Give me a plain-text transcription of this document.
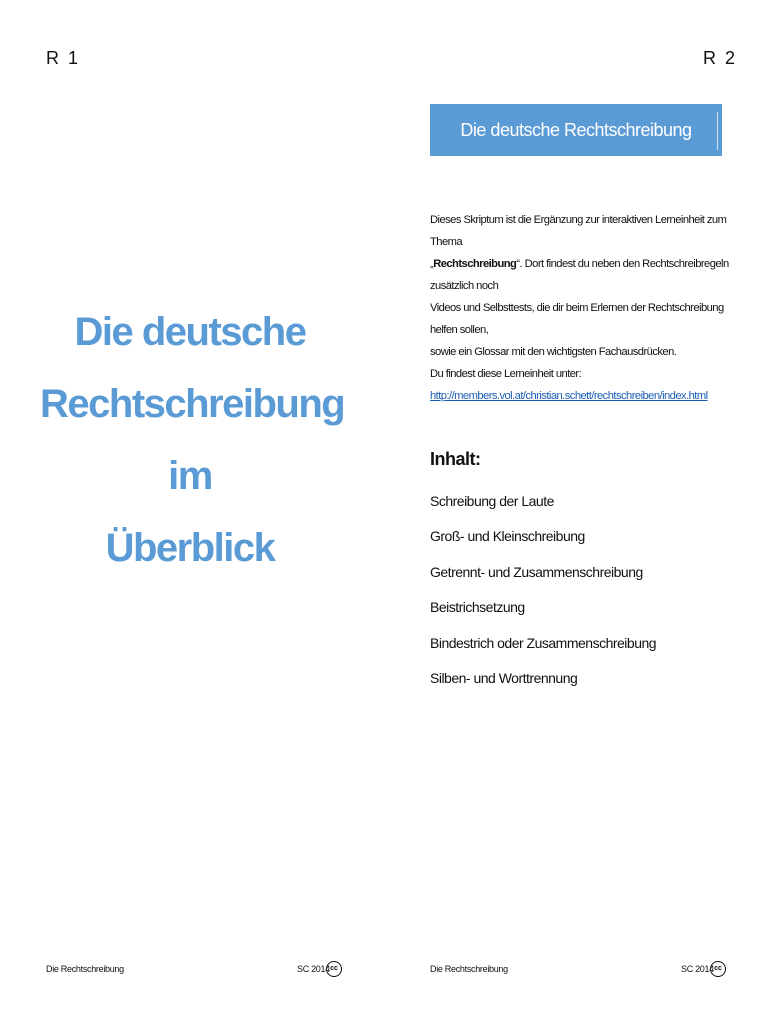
R 1
Die deutsche
Rechtschreibung im
Überblick
Die Rechtschreibung	SC 2014 cc
R 2
Die deutsche Rechtschreibung
Dieses Skriptum ist die Ergänzung zur interaktiven Lerneinheit zum Thema
„Rechtschreibung“. Dort findest du neben den Rechtschreibregeln zusätzlich noch
Videos und Selbsttests, die dir beim Erlernen der Rechtschreibung helfen sollen,
sowie ein Glossar mit den wichtigsten Fachausdrücken.
Du findest diese Lerneinheit unter:
http://members.vol.at/christian.schett/rechtschreiben/index.html
Inhalt:
Schreibung der Laute
Groß- und Kleinschreibung
Getrennt- und Zusammenschreibung
Beistrichsetzung
Bindestrich oder Zusammenschreibung
Silben- und Worttrennung
Die Rechtschreibung	SC 2014 cc
